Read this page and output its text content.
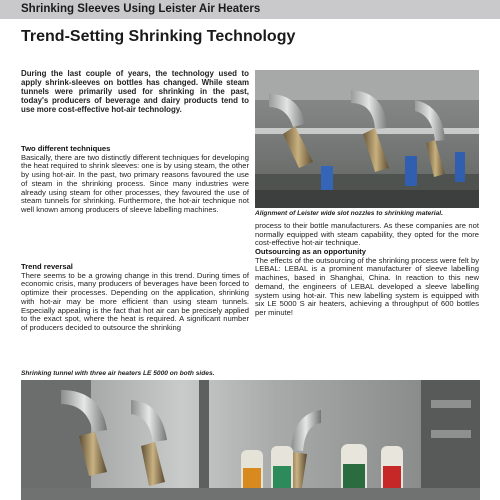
Shrinking Sleeves Using Leister Air Heaters
Trend-Setting Shrinking Technology
During the last couple of years, the technology used to apply shrink-sleeves on bottles has changed. While steam tunnels were primarily used for shrinking in the past, today's producers of beverage and dairy products tend to use more cost-effective hot-air technology.

Two different techniques

Basically, there are two distinctly different techniques for developing the heat required to shrink sleeves: one is by using steam, the other by using hot-air. In the past, two primary reasons favoured the use of steam in the shrinking process. Since many industries were already using steam for other processes, they favoured the use of steam tunnels for shrinking. Furthermore, the hot-air technique not well known among producers of sleeve labelling machines.

Trend reversal

There seems to be a growing change in this trend. During times of economic crisis, many producers of beverages have been forced to optimize their processes. Depending on the application, shrinking with hot-air may be more efficient than using steam tunnels. Especially appealing is the fact that hot air can be precisely applied to the exact spot, where the heat is required. A significant number of producers decided to outsource the shrinking

Alignment of Leister wide slot nozzles to shrinking material.
process to their bottle manufacturers. As these companies are not normally equipped with steam capability, they opted for the more cost-effective hot-air technique.

Outsourcing as an opportunity

The effects of the outsourcing of the shrinking process were felt by LEBAL: LEBAL is a prominent manufacturer of sleeve labelling machines, based in Shanghai, China. In reaction to this new demand, the engineers of LEBAL developed a sleeve labelling system using hot-air. This new labelling system is equipped with six LE 5000 S air heaters, achieving a throughput of 600 bottles per minute!

Shrinking tunnel with three air heaters LE 5000 on both sides.
